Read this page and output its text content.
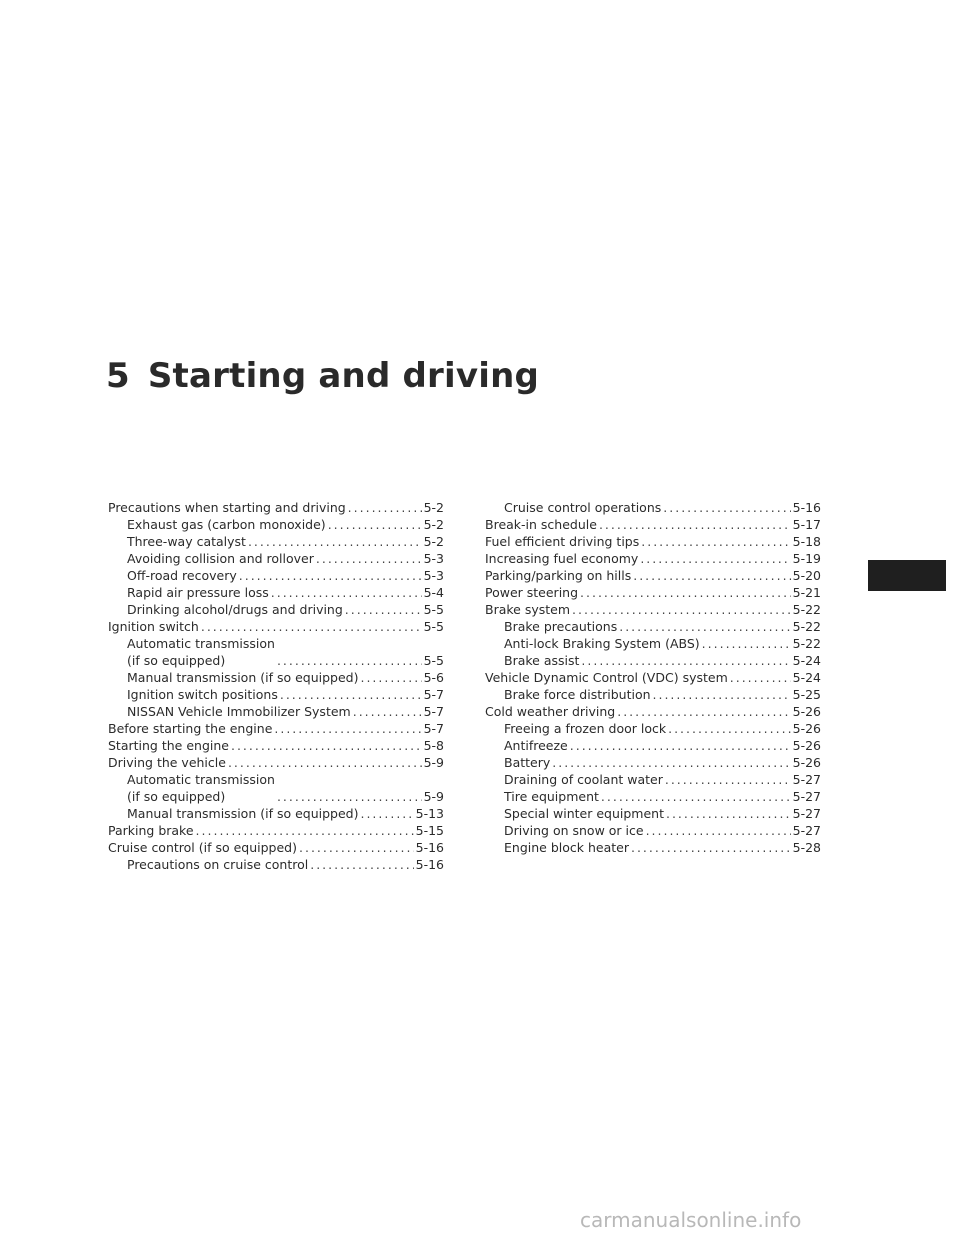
5 Starting and driving
Precautions when starting and driving .....	5-2
Exhaust gas (carbon monoxide) .....	5-2
Three-way catalyst .....	5-2
Avoiding collision and rollover .....	5-3
Off-road recovery .....	5-3
Rapid air pressure loss .....	5-4
Drinking alcohol/drugs and driving .....	5-5
Ignition switch .....	5-5
Automatic transmission
(if so equipped) .....	5-5
Manual transmission (if so equipped) .....	5-6
Ignition switch positions .....	5-7
NISSAN Vehicle Immobilizer System .....	5-7
Before starting the engine .....	5-7
Starting the engine .....	5-8
Driving the vehicle .....	5-9
Automatic transmission
(if so equipped) .....	5-9
Manual transmission (if so equipped) .....	5-13
Parking brake .....	5-15
Cruise control (if so equipped) .....	5-16
Precautions on cruise control .....	5-16
Cruise control operations .....	5-16
Break-in schedule .....	5-17
Fuel efficient driving tips .....	5-18
Increasing fuel economy .....	5-19
Parking/parking on hills .....	5-20
Power steering .....	5-21
Brake system .....	5-22
Brake precautions .....	5-22
Anti-lock Braking System (ABS) .....	5-22
Brake assist .....	5-24
Vehicle Dynamic Control (VDC) system .....	5-24
Brake force distribution .....	5-25
Cold weather driving .....	5-26
Freeing a frozen door lock .....	5-26
Antifreeze .....	5-26
Battery .....	5-26
Draining of coolant water .....	5-27
Tire equipment .....	5-27
Special winter equipment .....	5-27
Driving on snow or ice .....	5-27
Engine block heater .....	5-28
carmanualsonline.info
